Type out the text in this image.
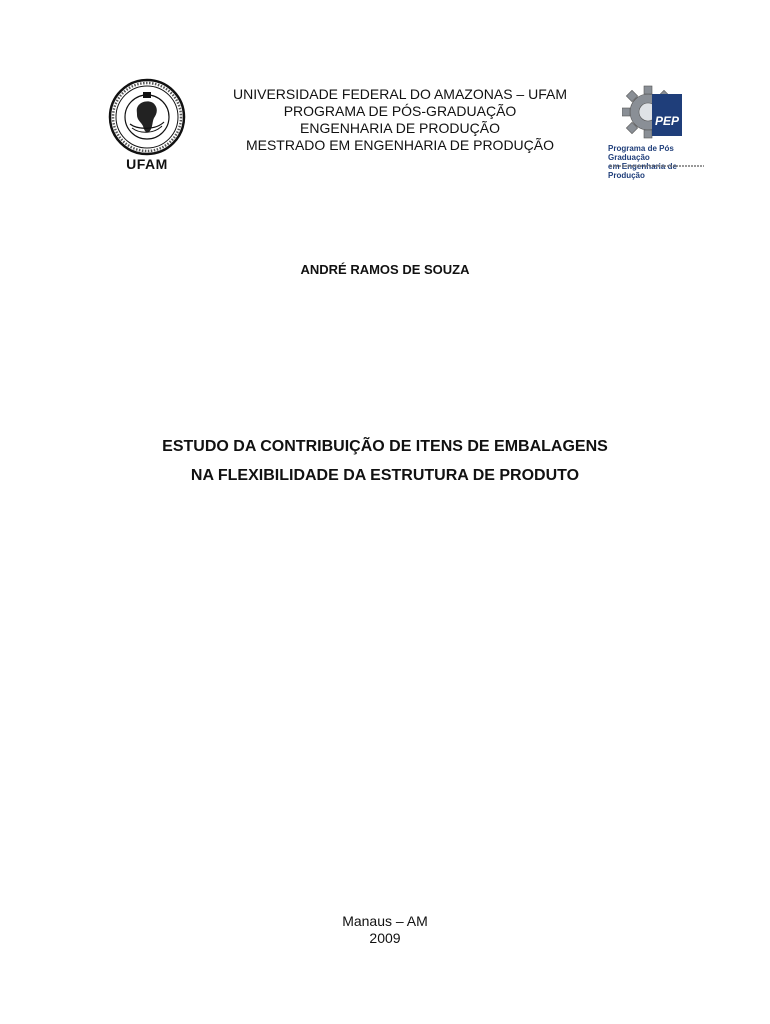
UFAM
UNIVERSIDADE FEDERAL DO AMAZONAS – UFAM
PROGRAMA DE PÓS-GRADUAÇÃO
ENGENHARIA DE PRODUÇÃO
MESTRADO EM ENGENHARIA DE PRODUÇÃO
PEP
Programa de Pós Graduação
em Engenharia de Produção
ANDRÉ RAMOS DE SOUZA
ESTUDO DA CONTRIBUIÇÃO DE ITENS DE EMBALAGENS
NA FLEXIBILIDADE DA ESTRUTURA DE PRODUTO
Manaus – AM
2009
